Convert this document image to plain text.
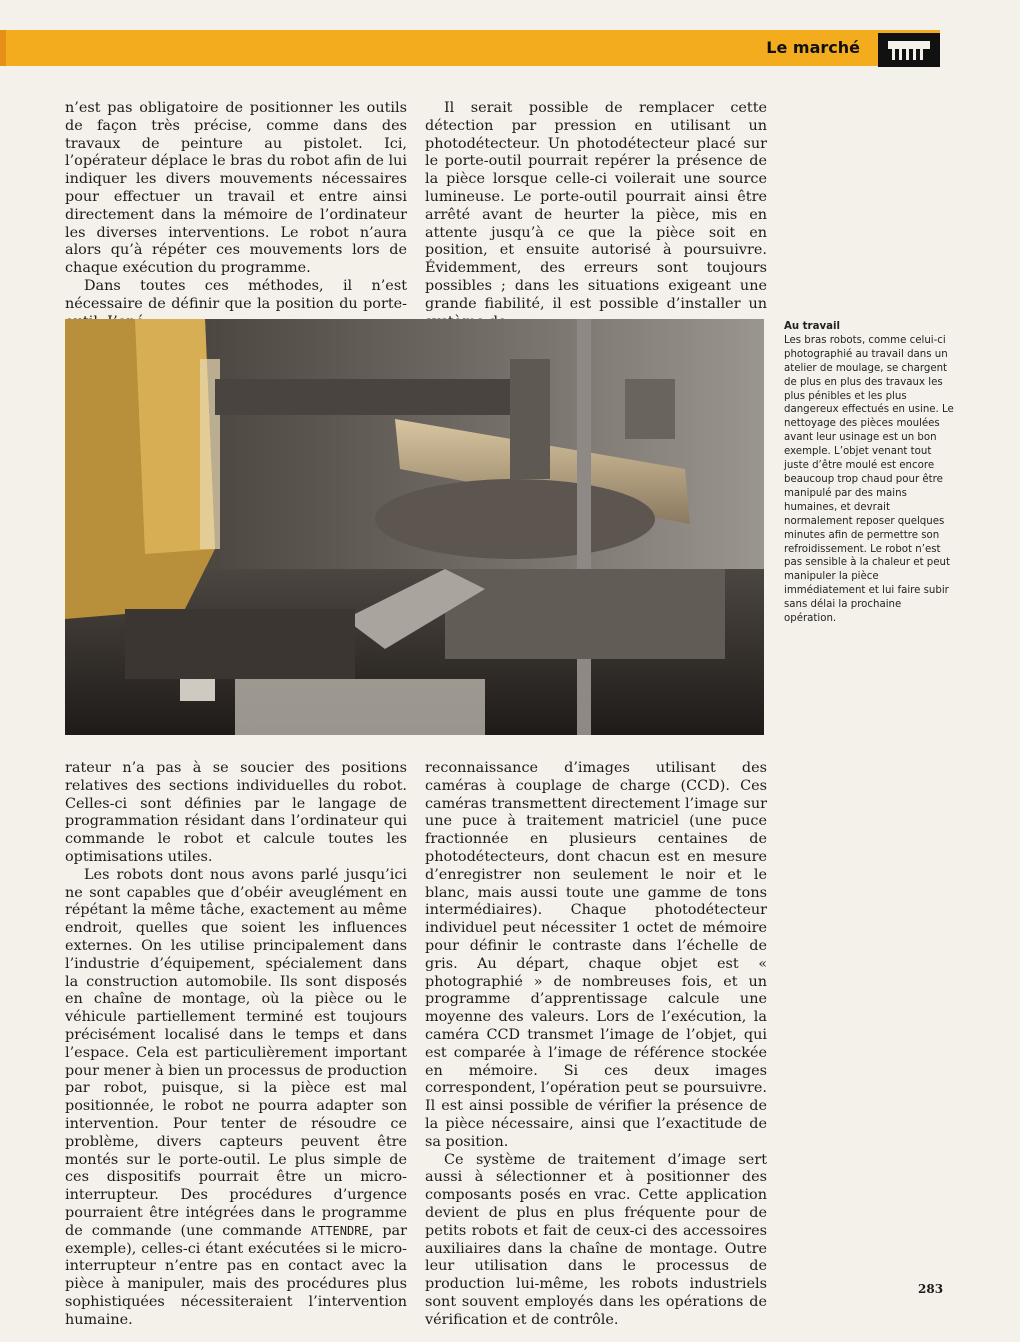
Le marché

n’est pas obligatoire de positionner les outils de façon très précise, comme dans des travaux de peinture au pistolet. Ici, l’opérateur déplace le bras du robot afin de lui indiquer les divers mouvements nécessaires pour effectuer un travail et entre ainsi directement dans la mémoire de l’ordinateur les diverses interventions. Le robot n’aura alors qu’à répéter ces mouvements lors de chaque exécution du programme.

Dans toutes ces méthodes, il n’est nécessaire de définir que la position du porte-

Il serait possible de remplacer cette détection par pression en utilisant un photodétecteur. Un photodétecteur placé sur le porte-outil pourrait repérer la présence de la pièce lorsque celle-ci voilerait une source lumineuse. Le porte-outil pourrait ainsi être arrêté avant de heurter la pièce, mis en attente jusqu’à ce que la pièce soit en position, et ensuite autorisé à poursuivre. Évidemment, des erreurs sont toujours possibles ; dans les situations exigeant une grande fiabilité, il est possible d’installer un

Au travail
Les bras robots, comme celui-ci photographié au travail dans un atelier de moulage, se chargent de plus en plus des travaux les plus pénibles et les plus dangereux effectués en usine. Le nettoyage des pièces moulées avant leur usinage est un bon exemple. L’objet venant tout juste d’être moulé est encore beaucoup trop chaud pour être manipulé par des mains humaines, et devrait normalement reposer quelques minutes afin de permettre son refroidissement. Le robot n’est pas sensible à la chaleur et peut manipuler la pièce immédiatement et lui faire subir sans délai la prochaine opération.

rateur n’a pas à se soucier des positions relatives des sections individuelles du robot. Celles-ci sont définies par le langage de programmation résidant dans l’ordinateur qui commande le robot et calcule toutes les optimisations utiles.

Les robots dont nous avons parlé jusqu’ici ne sont capables que d’obéir aveuglément en répétant la même tâche, exactement au même endroit, quelles que soient les influences externes. On les utilise principalement dans l’industrie d’équipement, spécialement dans la construction automobile. Ils sont disposés en chaîne de montage, où la pièce ou le véhicule partiellement terminé est toujours précisément localisé dans le temps et dans l’espace. Cela est particulièrement important pour mener à bien un processus de production par robot, puisque, si la pièce est mal positionnée, le robot ne pourra adapter son intervention. Pour tenter de résoudre ce problème, divers capteurs peuvent être montés sur le porte-outil. Le plus simple de ces dispositifs pourrait être un micro-interrupteur. Des procédures d’urgence pourraient être intégrées dans le programme de commande (une commande ATTENDRE, par exemple), celles-ci étant exécutées si le micro-interrupteur n’entre pas en contact avec la pièce à manipuler, mais des procédures plus sophistiquées nécessiteraient l’intervention humaine.

reconnaissance d’images utilisant des caméras à couplage de charge (CCD). Ces caméras transmettent directement l’image sur une puce à traitement matriciel (une puce fractionnée en plusieurs centaines de photodétecteurs, dont chacun est en mesure d’enregistrer non seulement le noir et le blanc, mais aussi toute une gamme de tons intermédiaires). Chaque photodétecteur individuel peut nécessiter 1 octet de mémoire pour définir le contraste dans l’échelle de gris. Au départ, chaque objet est « photographié » de nombreuses fois, et un programme d’apprentissage calcule une moyenne des valeurs. Lors de l’exécution, la caméra CCD transmet l’image de l’objet, qui est comparée à l’image de référence stockée en mémoire. Si ces deux images correspondent, l’opération peut se poursuivre. Il est ainsi possible de vérifier la présence de la pièce nécessaire, ainsi que l’exactitude de sa position.

Ce système de traitement d’image sert aussi à sélectionner et à positionner des composants posés en vrac. Cette application devient de plus en plus fréquente pour de petits robots et fait de ceux-ci des accessoires auxiliaires dans la chaîne de montage. Outre leur utilisation dans le processus de production lui-même, les robots industriels sont souvent employés dans les opérations de vérification et de contrôle.

283
